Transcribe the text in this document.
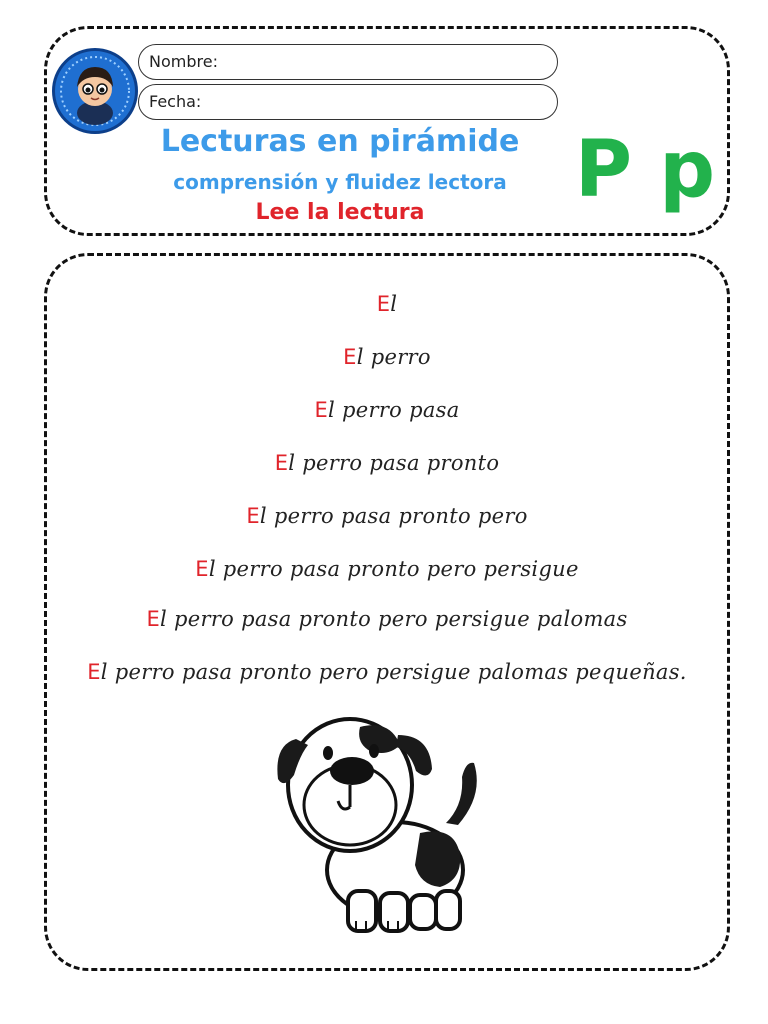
Nombre:
Fecha:
Lecturas en pirámide
comprensión y fluidez lectora
Lee la lectura	P p
El
El perro
El perro pasa
El perro pasa pronto
El perro pasa pronto pero
El perro pasa pronto pero persigue
El perro pasa pronto pero persigue palomas
El perro pasa pronto pero persigue palomas pequeñas.
